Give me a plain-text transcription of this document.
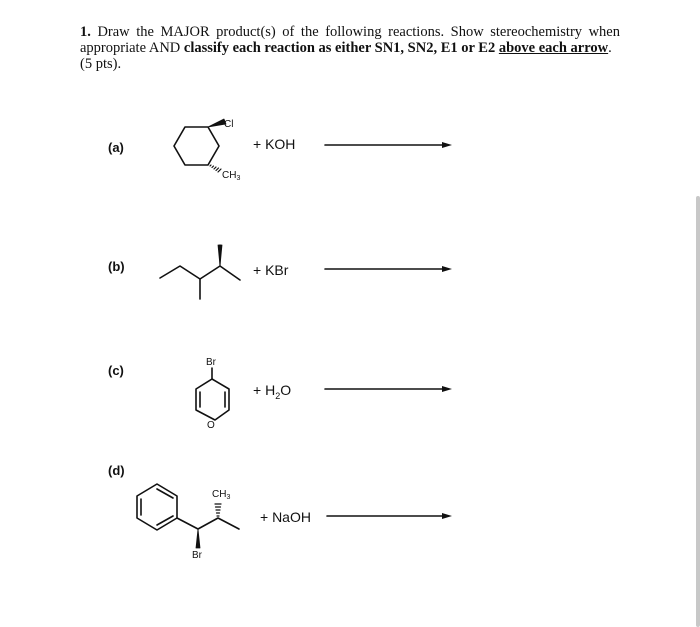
1. Draw the MAJOR product(s) of the following reactions. Show stereochemistry when appropriate AND classify each reaction as either SN1, SN2, E1 or E2 above each arrow.
(5 pts).
(a)
(b)
(c)
(d)
+ KOH
+ KBr
+ $H_2O$
+ NaOH
Cl
$CH_3$
Br
O
$CH_3$
Br
